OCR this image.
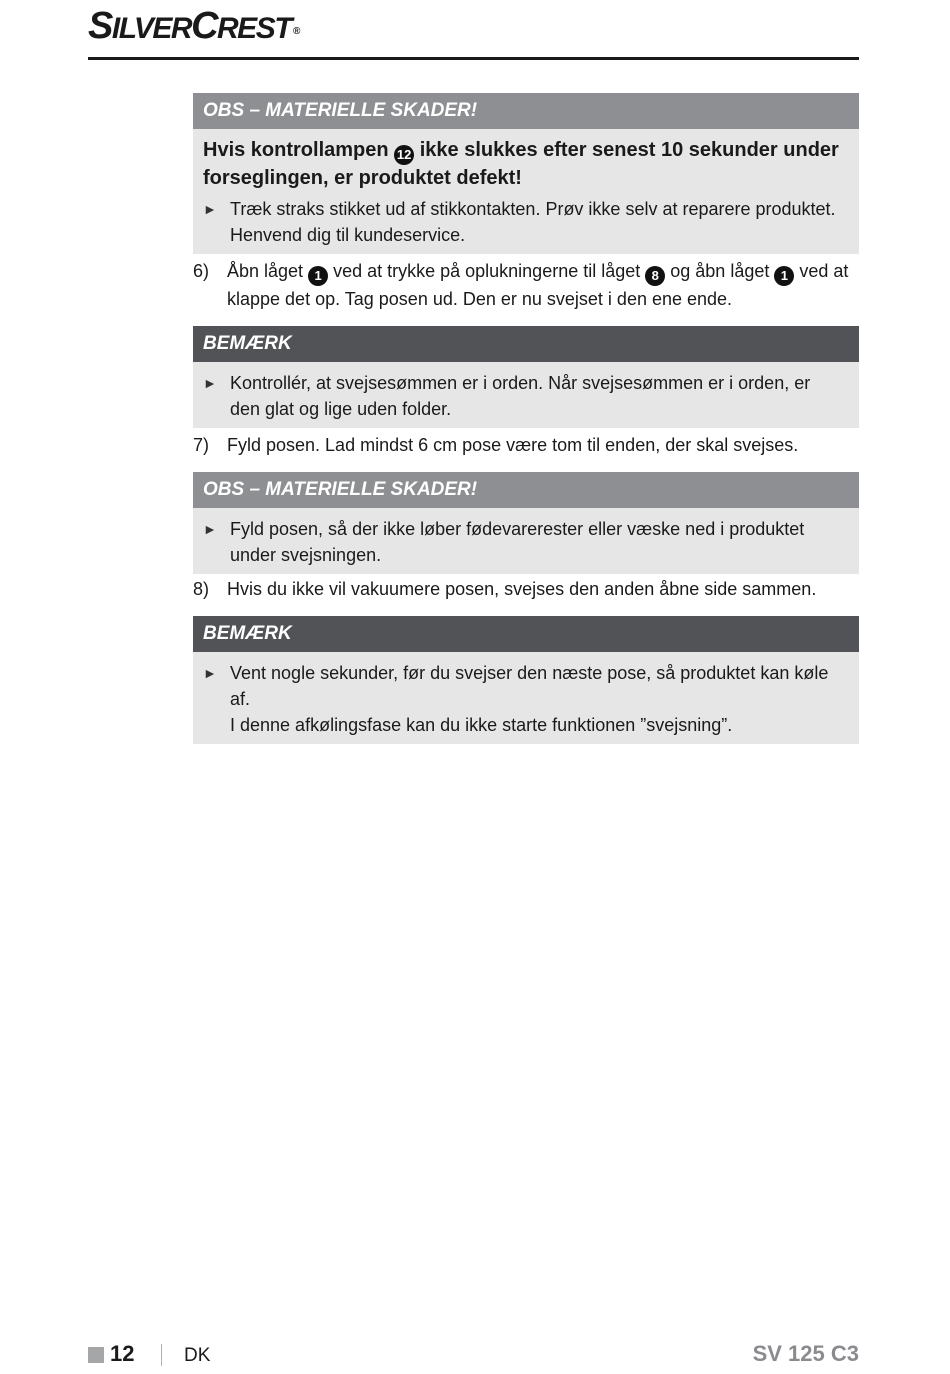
SILVERCREST ®
OBS – MATERIELLE SKADER!

Hvis kontrollampen 12 ikke slukkes efter senest 10 sekunder under forseglingen, er produktet defekt!

► Træk straks stikket ud af stikkontakten. Prøv ikke selv at reparere produktet.
Henvend dig til kundeservice.
6) Åbn låget 1 ved at trykke på oplukningerne til låget 8 og åbn låget 1 ved at klappe det op. Tag posen ud. Den er nu svejset i den ene ende.
BEMÆRK
► Kontrollér, at svejsesømmen er i orden. Når svejsesømmen er i orden, er
den glat og lige uden folder.
7) Fyld posen. Lad mindst 6 cm pose være tom til enden, der skal svejses.
OBS – MATERIELLE SKADER!
► Fyld posen, så der ikke løber fødevarerester eller væske ned i produktet
under svejsningen.
8) Hvis du ikke vil vakuumere posen, svejses den anden åbne side sammen.
BEMÆRK
► Vent nogle sekunder, før du svejser den næste pose, så produktet kan køle
af.
I denne afkølingsfase kan du ikke starte funktionen ”svejsning”.
12	DK	SV 125 C3
